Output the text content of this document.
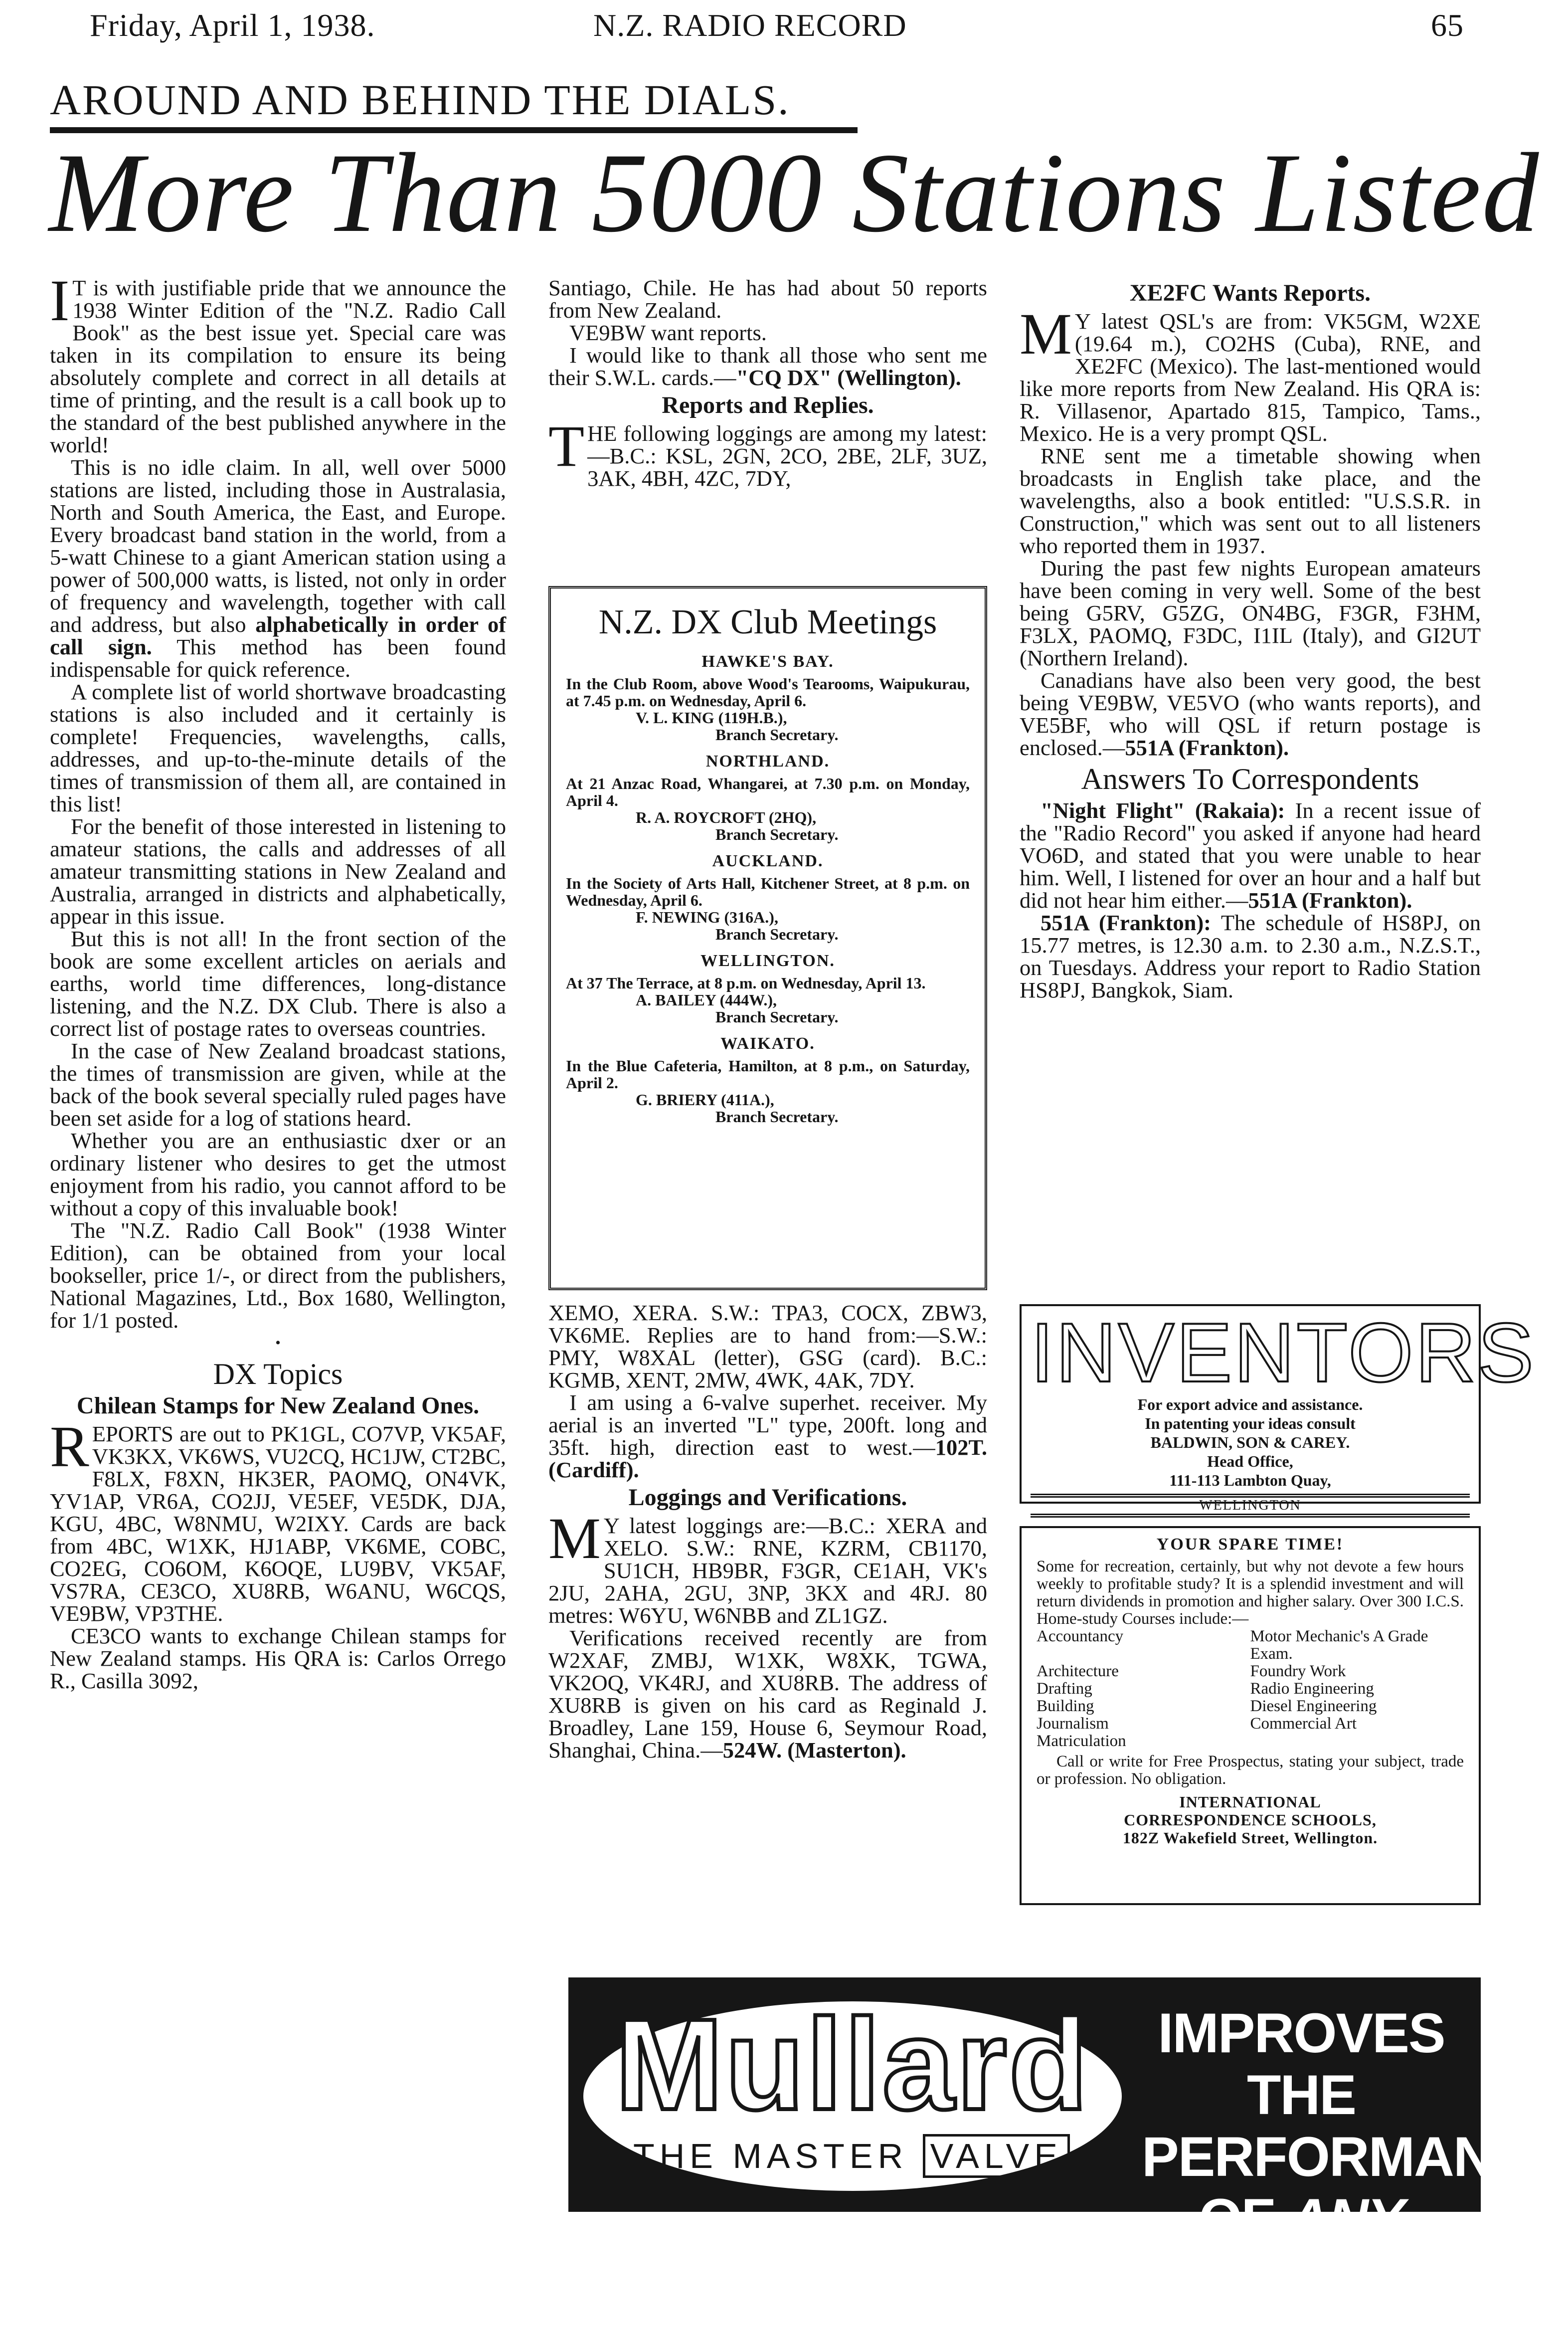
Friday, April 1, 1938.	N.Z. RADIO RECORD	65
AROUND AND BEHIND THE DIALS.
More Than 5000 Stations Listed

I T is with justifiable pride that we announce the 1938 Winter Edition of the "N.Z. Radio Call Book" as the best issue yet. Special care was taken in its compilation to ensure its being absolutely complete and correct in all details at time of printing, and the result is a call book up to the standard of the best published anywhere in the world!

This is no idle claim. In all, well over 5000 stations are listed, including those in Australasia, North and South America, the East, and Europe. Every broadcast band station in the world, from a 5-watt Chinese to a giant American station using a power of 500,000 watts, is listed, not only in order of frequency and wavelength, together with call and address, but also alphabetically in order of call sign. This method has been found indispensable for quick reference.

A complete list of world shortwave broadcasting stations is also included and it certainly is complete! Frequencies, wavelengths, calls, addresses, and up-to-the-minute details of the times of transmission of them all, are contained in this list!

For the benefit of those interested in listening to amateur stations, the calls and addresses of all amateur transmitting stations in New Zealand and Australia, arranged in districts and alphabetically, appear in this issue.

But this is not all! In the front section of the book are some excellent articles on aerials and earths, world time differences, long-distance listening, and the N.Z. DX Club. There is also a correct list of postage rates to overseas countries.

In the case of New Zealand broadcast stations, the times of transmission are given, while at the back of the book several specially ruled pages have been set aside for a log of stations heard.

Whether you are an enthusiastic dxer or an ordinary listener who desires to get the utmost enjoyment from his radio, you cannot afford to be without a copy of this invaluable book!

The "N.Z. Radio Call Book" (1938 Winter Edition), can be obtained from your local bookseller, price 1/-, or direct from the publishers, National Magazines, Ltd., Box 1680, Wellington, for 1/1 posted.

•
DX Topics
Chilean Stamps for New Zealand Ones.

REPORTS are out to PK1GL, CO7VP, VK5AF, VK3KX, VK6WS, VU2CQ, HC1JW, CT2BC, F8LX, F8XN, HK3ER, PAOMQ, ON4VK, YV1AP, VR6A, CO2JJ, VE5EF, VE5DK, DJA, KGU, 4BC, W8NMU, W2IXY. Cards are back from 4BC, W1XK, HJ1ABP, VK6ME, COBC, CO2EG, CO6OM, K6OQE, LU9BV, VK5AF, VS7RA, CE3CO, XU8RB, W6ANU, W6CQS, VE9BW, VP3THE.

CE3CO wants to exchange Chilean stamps for New Zealand stamps. His QRA is: Carlos Orrego R., Casilla 3092,

Santiago, Chile. He has had about 50 reports from New Zealand.

VE9BW want reports.

I would like to thank all those who sent me their S.W.L. cards.—"CQ DX" (Wellington).

Reports and Replies.

THE following loggings are among my latest:—B.C.: KSL, 2GN, 2CO, 2BE, 2LF, 3UZ, 3AK, 4BH, 4ZC, 7DY,

N.Z. DX Club Meetings
HAWKE'S BAY.
In the Club Room, above Wood's Tearooms, Waipukurau, at 7.45 p.m. on Wednesday, April 6.
V. L. KING (119H.B.),
Branch Secretary.
NORTHLAND.
At 21 Anzac Road, Whangarei, at 7.30 p.m. on Monday, April 4.
R. A. ROYCROFT (2HQ),
Branch Secretary.
AUCKLAND.
In the Society of Arts Hall, Kitchener Street, at 8 p.m. on Wednesday, April 6.
F. NEWING (316A.),
Branch Secretary.
WELLINGTON.
At 37 The Terrace, at 8 p.m. on Wednesday, April 13.
A. BAILEY (444W.),
Branch Secretary.
WAIKATO.
In the Blue Cafeteria, Hamilton, at 8 p.m., on Saturday, April 2.
G. BRIERY (411A.),
Branch Secretary.

XEMO, XERA. S.W.: TPA3, COCX, ZBW3, VK6ME. Replies are to hand from:—S.W.: PMY, W8XAL (letter), GSG (card). B.C.: KGMB, XENT, 2MW, 4WK, 4AK, 7DY.

I am using a 6-valve superhet. receiver. My aerial is an inverted "L" type, 200ft. long and 35ft. high, direction east to west.—102T. (Cardiff).

Loggings and Verifications.

M Y latest loggings are:—B.C.: XERA and XELO. S.W.: RNE, KZRM, CB1170, SU1CH, HB9BR, F3GR, CE1AH, VK's 2JU, 2AHA, 2GU, 3NP, 3KX and 4RJ. 80 metres: W6YU, W6NBB and ZL1GZ.

Verifications received recently are from W2XAF, ZMBJ, W1XK, W8XK, TGWA, VK2OQ, VK4RJ, and XU8RB. The address of XU8RB is given on his card as Reginald J. Broadley, Lane 159, House 6, Seymour Road, Shanghai, China.—524W. (Masterton).

XE2FC Wants Reports.

M Y latest QSL's are from: VK5GM, W2XE (19.64 m.), CO2HS (Cuba), RNE, and XE2FC (Mexico). The last-mentioned would like more reports from New Zealand. His QRA is: R. Villasenor, Apartado 815, Tampico, Tams., Mexico. He is a very prompt QSL.

RNE sent me a timetable showing when broadcasts in English take place, and the wavelengths, also a book entitled: "U.S.S.R. in Construction," which was sent out to all listeners who reported them in 1937.

During the past few nights European amateurs have been coming in very well. Some of the best being G5RV, G5ZG, ON4BG, F3GR, F3HM, F3LX, PAOMQ, F3DC, I1IL (Italy), and GI2UT (Northern Ireland).

Canadians have also been very good, the best being VE9BW, VE5VO (who wants reports), and VE5BF, who will QSL if return postage is enclosed.—551A (Frankton).

Answers To Correspondents

"Night Flight" (Rakaia): In a recent issue of the "Radio Record" you asked if anyone had heard VO6D, and stated that you were unable to hear him. Well, I listened for over an hour and a half but did not hear him either.—551A (Frankton).

551A (Frankton): The schedule of HS8PJ, on 15.77 metres, is 12.30 a.m. to 2.30 a.m., N.Z.S.T., on Tuesdays. Address your report to Radio Station HS8PJ, Bangkok, Siam.

INVENTORS
For export advice and assistance.
In patenting your ideas consult
BALDWIN, SON & CAREY.
Head Office,
111-113 Lambton Quay,
WELLINGTON
YOUR SPARE TIME!
Some for recreation, certainly, but why not devote a few hours weekly to profitable study? It is a splendid investment and will return dividends in promotion and higher salary. Over 300 I.C.S. Home-study Courses include:—
Accountancy	Motor Mechanic's A Grade Exam.
Architecture	Foundry Work
Drafting	Radio Engineering
Building	Diesel Engineering
Journalism	Commercial Art
Matriculation
Call or write for Free Prospectus, stating your subject, trade or profession. No obligation.
INTERNATIONAL
CORRESPONDENCE SCHOOLS,
182Z Wakefield Street, Wellington.
Mullard
THE MASTER VALVE
IMPROVES THE
PERFORMANCE
OF ANY SET
